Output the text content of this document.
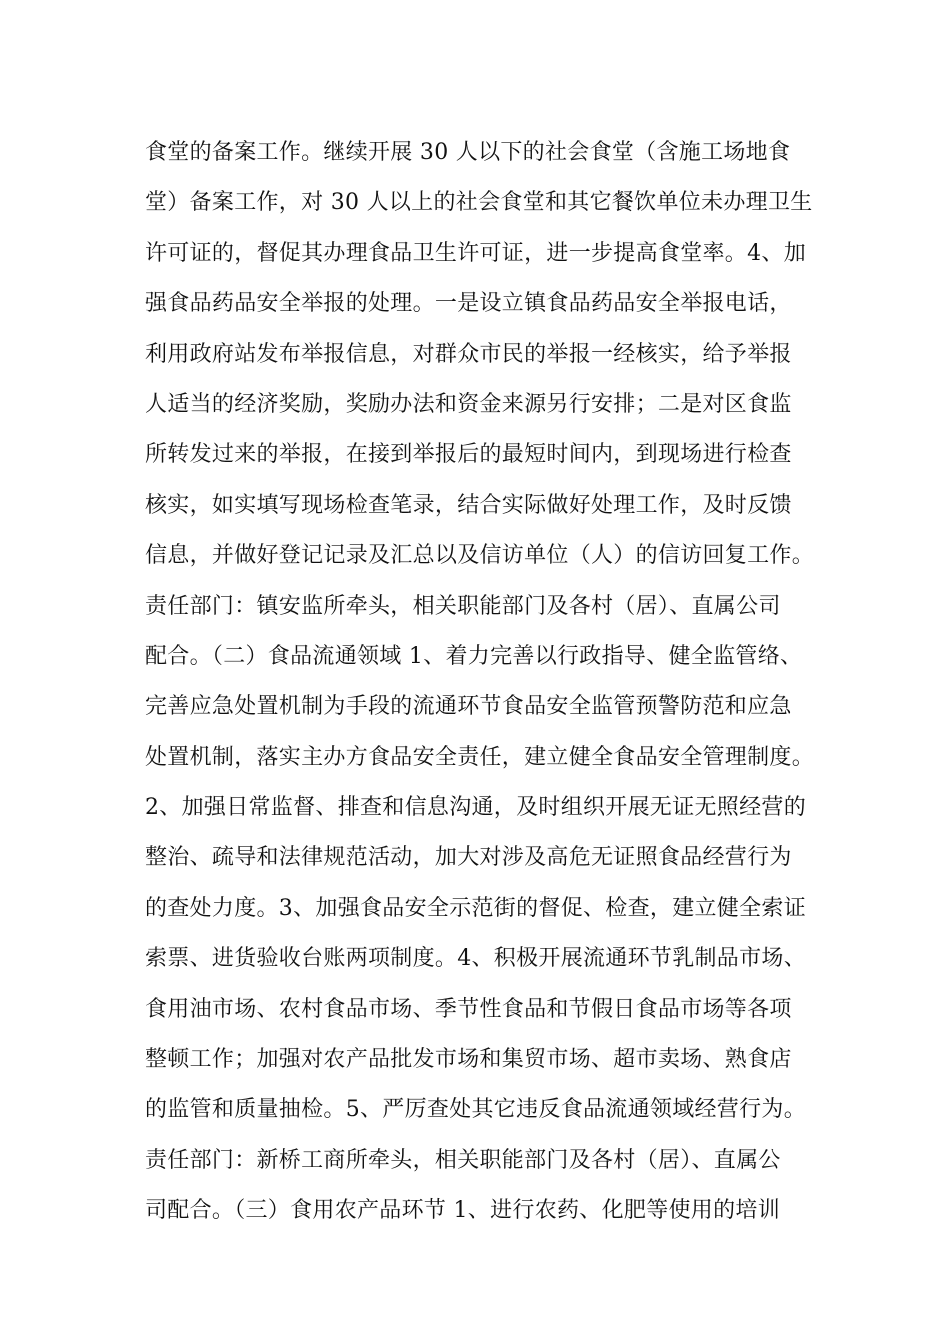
食堂的备案工作。继续开展 30 人以下的社会食堂（含施工场地食
堂）备案工作，对 30 人以上的社会食堂和其它餐饮单位未办理卫生
许可证的，督促其办理食品卫生许可证，进一步提高食堂率。4、加
强食品药品安全举报的处理。一是设立镇食品药品安全举报电话，
利用政府站发布举报信息，对群众市民的举报一经核实，给予举报
人适当的经济奖励，奖励办法和资金来源另行安排；二是对区食监
所转发过来的举报，在接到举报后的最短时间内，到现场进行检查
核实，如实填写现场检查笔录，结合实际做好处理工作，及时反馈
信息，并做好登记记录及汇总以及信访单位（人）的信访回复工作。
责任部门：镇安监所牵头，相关职能部门及各村（居）、直属公司
配合。（二）食品流通领域 1、着力完善以行政指导、健全监管络、
完善应急处置机制为手段的流通环节食品安全监管预警防范和应急
处置机制，落实主办方食品安全责任，建立健全食品安全管理制度。
2、加强日常监督、排查和信息沟通，及时组织开展无证无照经营的
整治、疏导和法律规范活动，加大对涉及高危无证照食品经营行为
的查处力度。3、加强食品安全示范街的督促、检查，建立健全索证
索票、进货验收台账两项制度。4、积极开展流通环节乳制品市场、
食用油市场、农村食品市场、季节性食品和节假日食品市场等各项
整顿工作；加强对农产品批发市场和集贸市场、超市卖场、熟食店
的监管和质量抽检。5、严厉查处其它违反食品流通领域经营行为。
责任部门：新桥工商所牵头，相关职能部门及各村（居）、直属公
司配合。（三）食用农产品环节 1、进行农药、化肥等使用的培训
